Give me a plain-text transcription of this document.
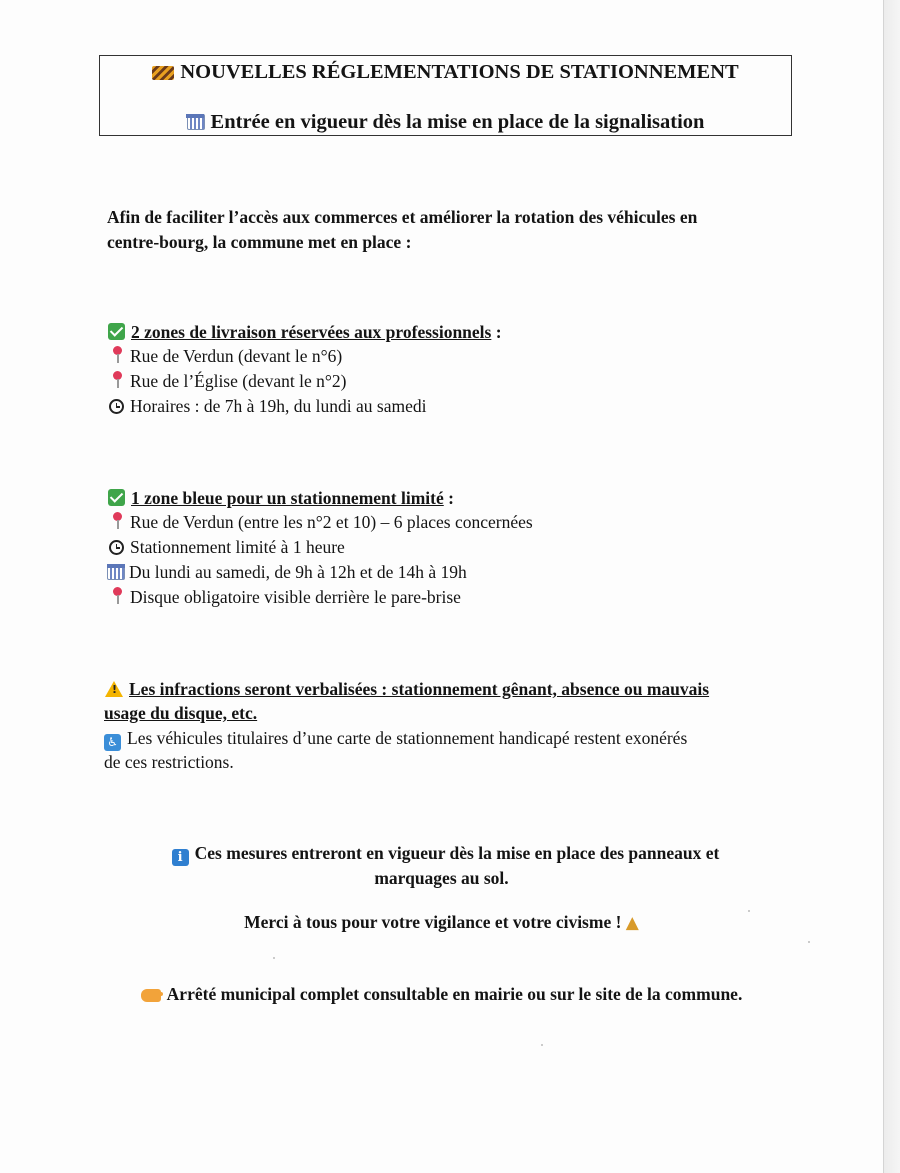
NOUVELLES RÉGLEMENTATIONS DE STATIONNEMENT
Entrée en vigueur dès la mise en place de la signalisation
Afin de faciliter l’accès aux commerces et améliorer la rotation des véhicules en
centre-bourg, la commune met en place :
2 zones de livraison réservées aux professionnels :
Rue de Verdun (devant le n°6)
Rue de l’Église (devant le n°2)
Horaires : de 7h à 19h, du lundi au samedi
1 zone bleue pour un stationnement limité :
Rue de Verdun (entre les n°2 et 10) – 6 places concernées
Stationnement limité à 1 heure
Du lundi au samedi, de 9h à 12h et de 14h à 19h
Disque obligatoire visible derrière le pare-brise
!Les infractions seront verbalisées : stationnement gênant, absence ou mauvais
usage du disque, etc.
♿ Les véhicules titulaires d’une carte de stationnement handicapé restent exonérés
de ces restrictions.
i Ces mesures entreront en vigueur dès la mise en place des panneaux et
marquages au sol.
Merci à tous pour votre vigilance et votre civisme ! ▲
Arrêté municipal complet consultable en mairie ou sur le site de la commune.
